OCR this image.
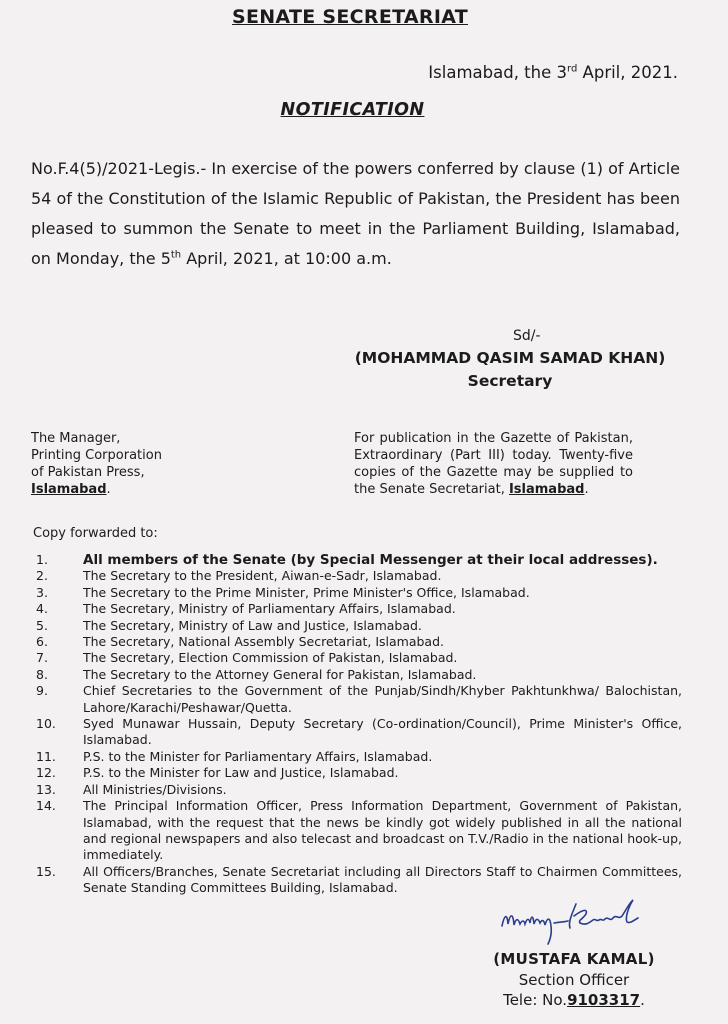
SENATE SECRETARIAT
Islamabad, the 3rd April, 2021.
NOTIFICATION
No.F.4(5)/2021-Legis.- In exercise of the powers conferred by clause (1) of Article 54 of the Constitution of the Islamic Republic of Pakistan, the President has been pleased to summon the Senate to meet in the Parliament Building, Islamabad, on Monday, the 5th April, 2021, at 10:00 a.m.
Sd/-
(MOHAMMAD QASIM SAMAD KHAN)
Secretary
The Manager,
Printing Corporation
of Pakistan Press,
Islamabad.
For publication in the Gazette of Pakistan, Extraordinary (Part III) today. Twenty-five copies of the Gazette may be supplied to the Senate Secretariat, Islamabad.
Copy forwarded to:
1.	All members of the Senate (by Special Messenger at their local addresses).
2.	The Secretary to the President, Aiwan-e-Sadr, Islamabad.
3.	The Secretary to the Prime Minister, Prime Minister's Office, Islamabad.
4.	The Secretary, Ministry of Parliamentary Affairs, Islamabad.
5.	The Secretary, Ministry of Law and Justice, Islamabad.
6.	The Secretary, National Assembly Secretariat, Islamabad.
7.	The Secretary, Election Commission of Pakistan, Islamabad.
8.	The Secretary to the Attorney General for Pakistan, Islamabad.
9.	Chief Secretaries to the Government of the Punjab/Sindh/Khyber Pakhtunkhwa/ Balochistan, Lahore/Karachi/Peshawar/Quetta.
10.	Syed Munawar Hussain, Deputy Secretary (Co-ordination/Council), Prime Minister's Office, Islamabad.
11.	P.S. to the Minister for Parliamentary Affairs, Islamabad.
12.	P.S. to the Minister for Law and Justice, Islamabad.
13.	All Ministries/Divisions.
14.	The Principal Information Officer, Press Information Department, Government of Pakistan, Islamabad, with the request that the news be kindly got widely published in all the national and regional newspapers and also telecast and broadcast on T.V./Radio in the national hook-up, immediately.
15.	All Officers/Branches, Senate Secretariat including all Directors Staff to Chairmen Committees, Senate Standing Committees Building, Islamabad.
(MUSTAFA KAMAL)
Section Officer
Tele: No.9103317.
